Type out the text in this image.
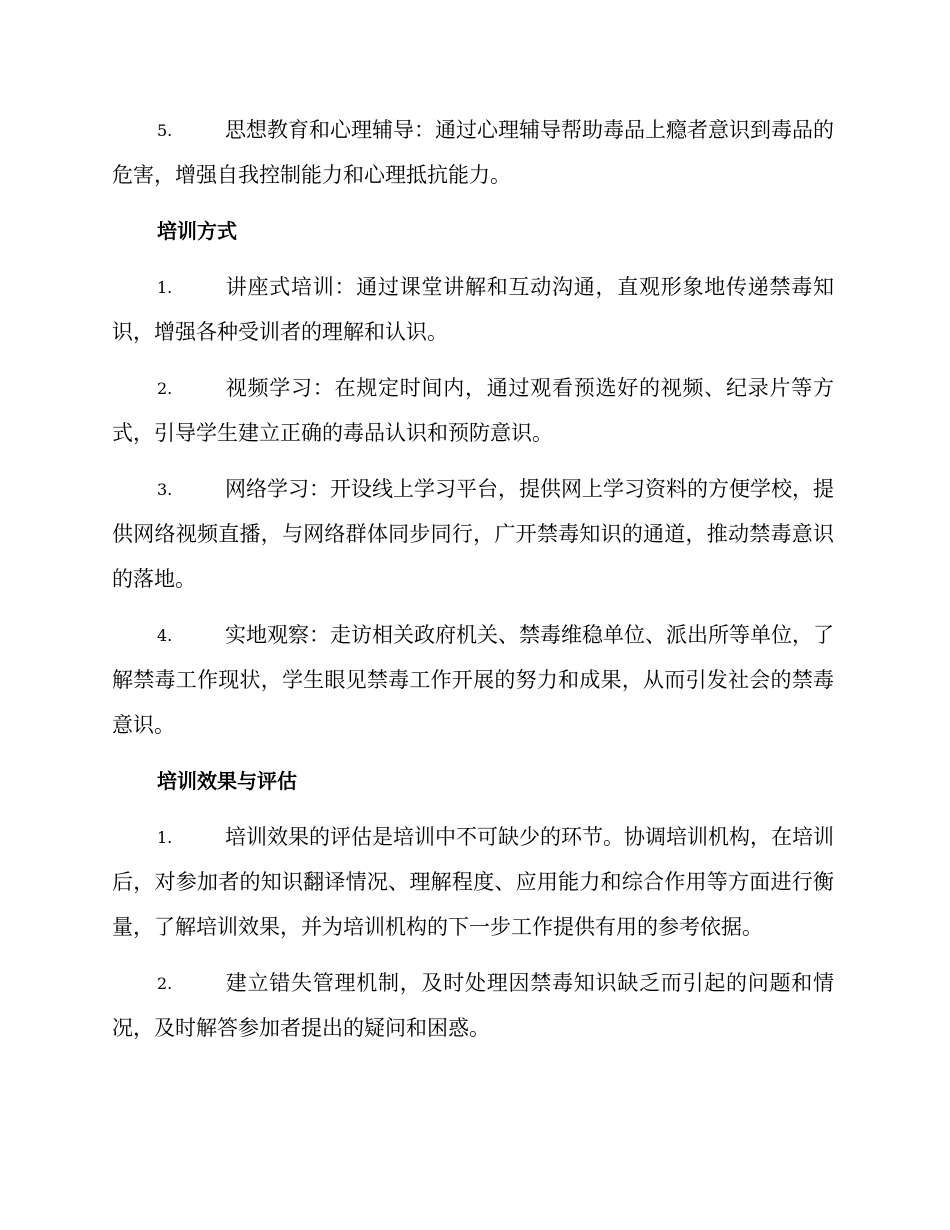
5.	思想教育和心理辅导：通过心理辅导帮助毒品上瘾者意识到毒品的危害，增强自我控制能力和心理抵抗能力。

培训方式

1.	讲座式培训：通过课堂讲解和互动沟通，直观形象地传递禁毒知识，增强各种受训者的理解和认识。

2.	视频学习：在规定时间内，通过观看预选好的视频、纪录片等方式，引导学生建立正确的毒品认识和预防意识。

3.	网络学习：开设线上学习平台，提供网上学习资料的方便学校，提供网络视频直播，与网络群体同步同行，广开禁毒知识的通道，推动禁毒意识的落地。

4.	实地观察：走访相关政府机关、禁毒维稳单位、派出所等单位，了解禁毒工作现状，学生眼见禁毒工作开展的努力和成果，从而引发社会的禁毒意识。

培训效果与评估

1.	培训效果的评估是培训中不可缺少的环节。协调培训机构，在培训后，对参加者的知识翻译情况、理解程度、应用能力和综合作用等方面进行衡量，了解培训效果，并为培训机构的下一步工作提供有用的参考依据。

2.	建立错失管理机制，及时处理因禁毒知识缺乏而引起的问题和情况，及时解答参加者提出的疑问和困惑。
